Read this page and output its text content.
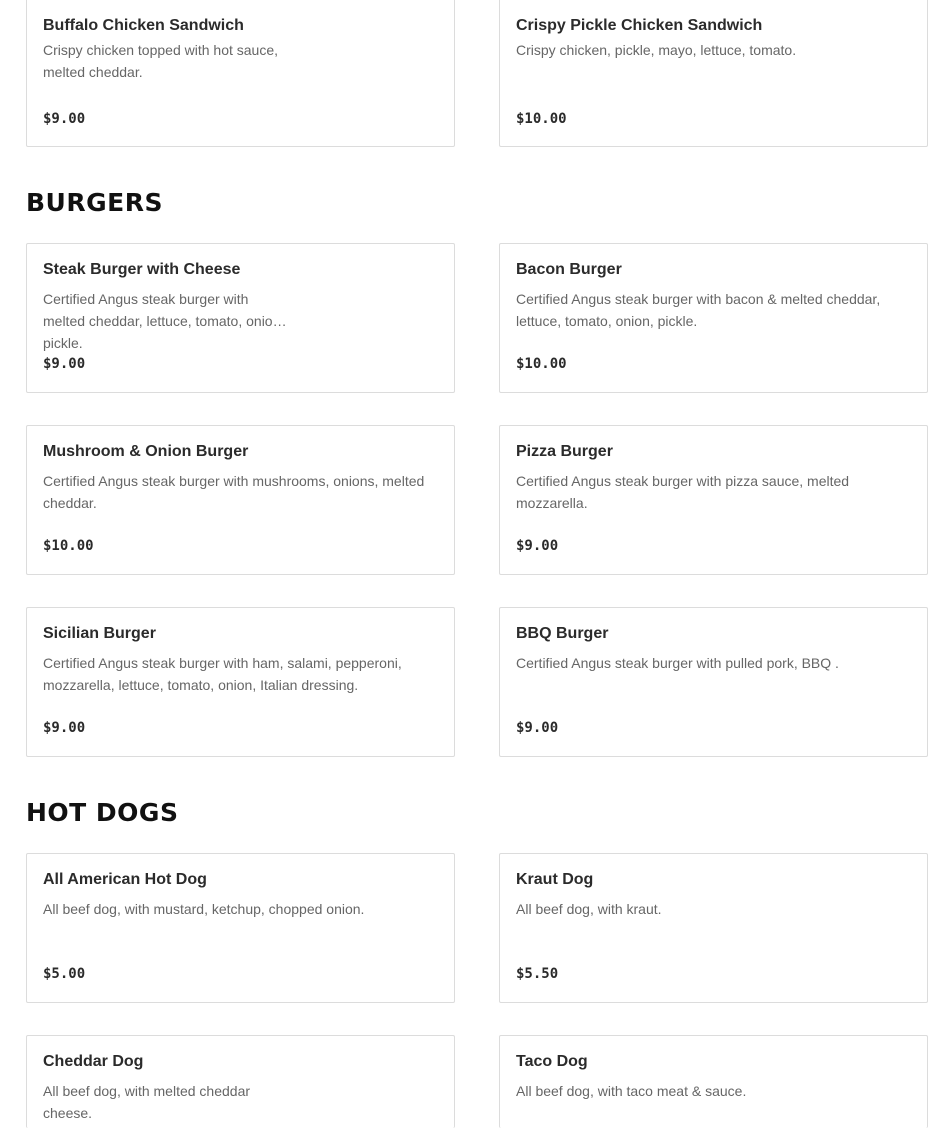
Buffalo Chicken Sandwich
Crispy chicken topped with hot sauce, melted cheddar.
$9.00
Crispy Pickle Chicken Sandwich
Crispy chicken, pickle, mayo, lettuce, tomato.
$10.00
BURGERS
Steak Burger with Cheese
Certified Angus steak burger with melted cheddar, lettuce, tomato, onion, pickle.
$9.00
Bacon Burger
Certified Angus steak burger with bacon & melted cheddar, lettuce, tomato, onion, pickle.
$10.00
Mushroom & Onion Burger
Certified Angus steak burger with mushrooms, onions, melted cheddar.
$10.00
Pizza Burger
Certified Angus steak burger with pizza sauce, melted mozzarella.
$9.00
Sicilian Burger
Certified Angus steak burger with ham, salami, pepperoni, mozzarella, lettuce, tomato, onion, Italian dressing.
$9.00
BBQ Burger
Certified Angus steak burger with pulled pork, BBQ .
$9.00
HOT DOGS
All American Hot Dog
All beef dog, with mustard, ketchup, chopped onion.
$5.00
Kraut Dog
All beef dog, with kraut.
$5.50
Cheddar Dog
All beef dog, with melted cheddar cheese.
Taco Dog
All beef dog, with taco meat & sauce.
